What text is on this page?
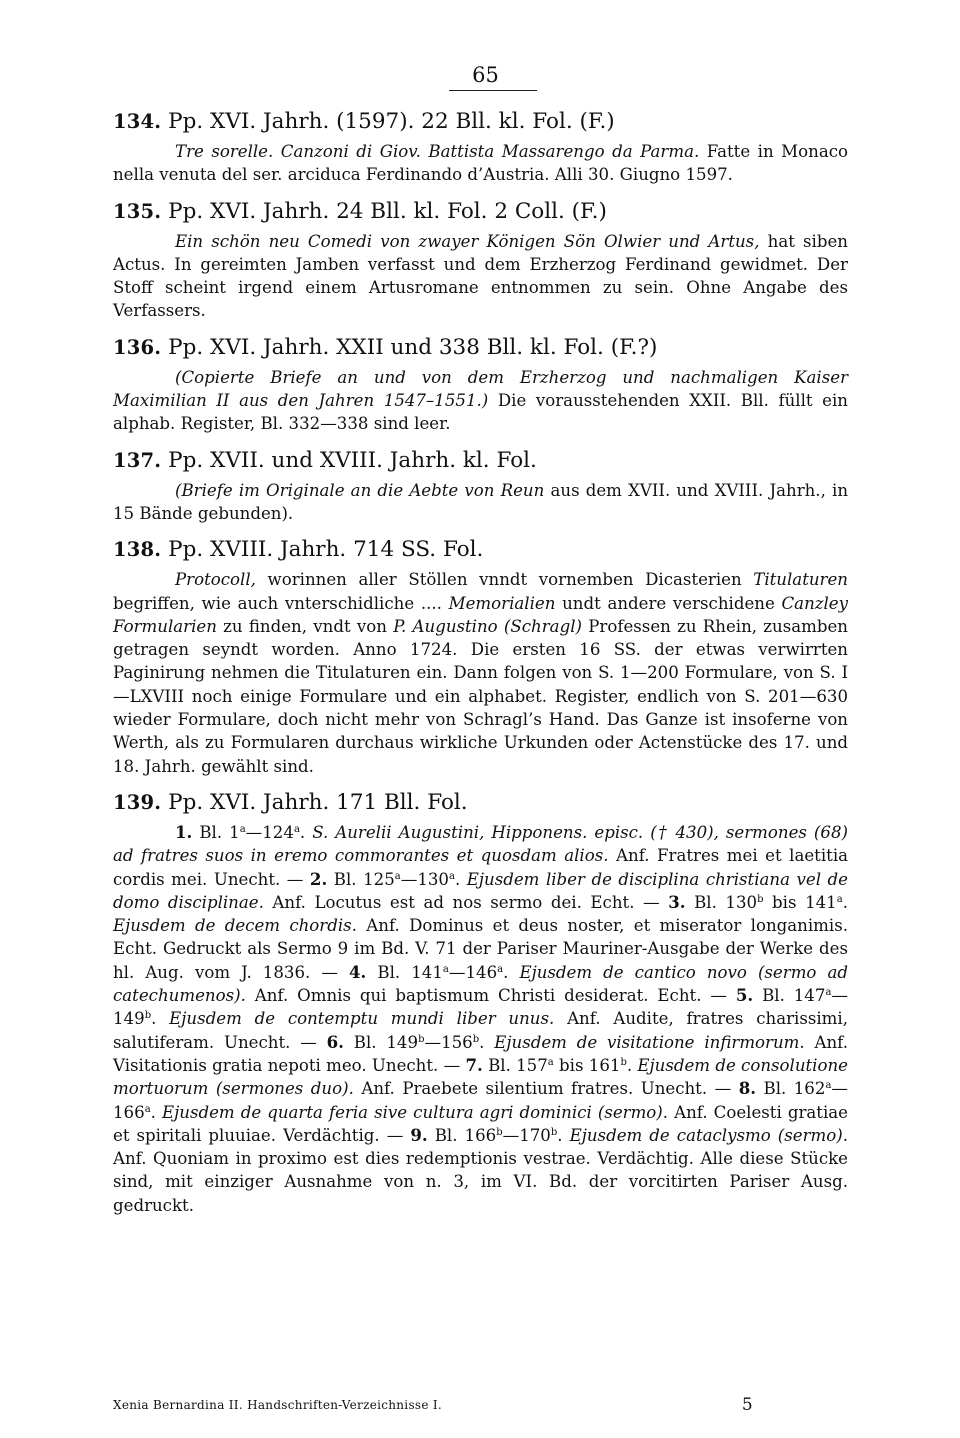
65
134. Pp. XVI. Jahrh. (1597). 22 Bll. kl. Fol. (F.)
Tre sorelle. Canzoni di Giov. Battista Massarengo da Parma. Fatte in Monaco nella venuta del ser. arciduca Ferdinando d’Austria. Alli 30. Giugno 1597.
135. Pp. XVI. Jahrh. 24 Bll. kl. Fol. 2 Coll. (F.)
Ein schön neu Comedi von zwayer Königen Sön Olwier und Artus, hat siben Actus. In gereimten Jamben verfasst und dem Erzherzog Ferdinand gewidmet. Der Stoff scheint irgend einem Artusromane entnommen zu sein. Ohne Angabe des Verfassers.
136. Pp. XVI. Jahrh. XXII und 338 Bll. kl. Fol. (F.?)
(Copierte Briefe an und von dem Erzherzog und nachmaligen Kaiser Maximilian II aus den Jahren 1547–1551.) Die vorausstehenden XXII. Bll. füllt ein alphab. Register, Bl. 332—338 sind leer.
137. Pp. XVII. und XVIII. Jahrh. kl. Fol.
(Briefe im Originale an die Aebte von Reun aus dem XVII. und XVIII. Jahrh., in 15 Bände gebunden).
138. Pp. XVIII. Jahrh. 714 SS. Fol.
Protocoll, worinnen aller Stöllen vnndt vornemben Dicasterien Titulaturen begriffen, wie auch vnterschidliche .... Memorialien undt andere verschidene Canzley Formularien zu finden, vndt von P. Augustino (Schragl) Professen zu Rhein, zusamben getragen seyndt worden. Anno 1724. Die ersten 16 SS. der etwas verwirrten Paginirung nehmen die Titulaturen ein. Dann folgen von S. 1—200 Formulare, von S. I—LXVIII noch einige Formulare und ein alphabet. Register, endlich von S. 201—630 wieder Formulare, doch nicht mehr von Schragl’s Hand. Das Ganze ist insoferne von Werth, als zu Formularen durchaus wirkliche Urkunden oder Actenstücke des 17. und 18. Jahrh. gewählt sind.
139. Pp. XVI. Jahrh. 171 Bll. Fol.
1. Bl. 1$^a$—124$^a$. S. Aurelii Augustini, Hipponens. episc. († 430), sermones (68) ad fratres suos in eremo commorantes et quosdam alios. Anf. Fratres mei et laetitia cordis mei. Unecht. — 2. Bl. 125$^a$—130$^a$. Ejusdem liber de disciplina christiana vel de domo disciplinae. Anf. Locutus est ad nos sermo dei. Echt. — 3. Bl. 130$^b$ bis 141$^a$. Ejusdem de decem chordis. Anf. Dominus et deus noster, et miserator longanimis. Echt. Gedruckt als Sermo 9 im Bd. V. 71 der Pariser Mauriner-Ausgabe der Werke des hl. Aug. vom J. 1836. — 4. Bl. 141$^a$—146$^a$. Ejusdem de cantico novo (sermo ad catechumenos). Anf. Omnis qui baptismum Christi desiderat. Echt. — 5. Bl. 147$^a$—149$^b$. Ejusdem de contemptu mundi liber unus. Anf. Audite, fratres charissimi, salutiferam. Unecht. — 6. Bl. 149$^b$—156$^b$. Ejusdem de visitatione infirmorum. Anf. Visitationis gratia nepoti meo. Unecht. — 7. Bl. 157$^a$ bis 161$^b$. Ejusdem de consolutione mortuorum (sermones duo). Anf. Praebete silentium fratres. Unecht. — 8. Bl. 162$^a$—166$^a$. Ejusdem de quarta feria sive cultura agri dominici (sermo). Anf. Coelesti gratiae et spiritali pluuiae. Verdächtig. — 9. Bl. 166$^b$—170$^b$. Ejusdem de cataclysmo (sermo). Anf. Quoniam in proximo est dies redemptionis vestrae. Verdächtig. Alle diese Stücke sind, mit einziger Ausnahme von n. 3, im VI. Bd. der vorcitirten Pariser Ausg. gedruckt.
Xenia Bernardina II. Handschriften-Verzeichnisse I.	5
